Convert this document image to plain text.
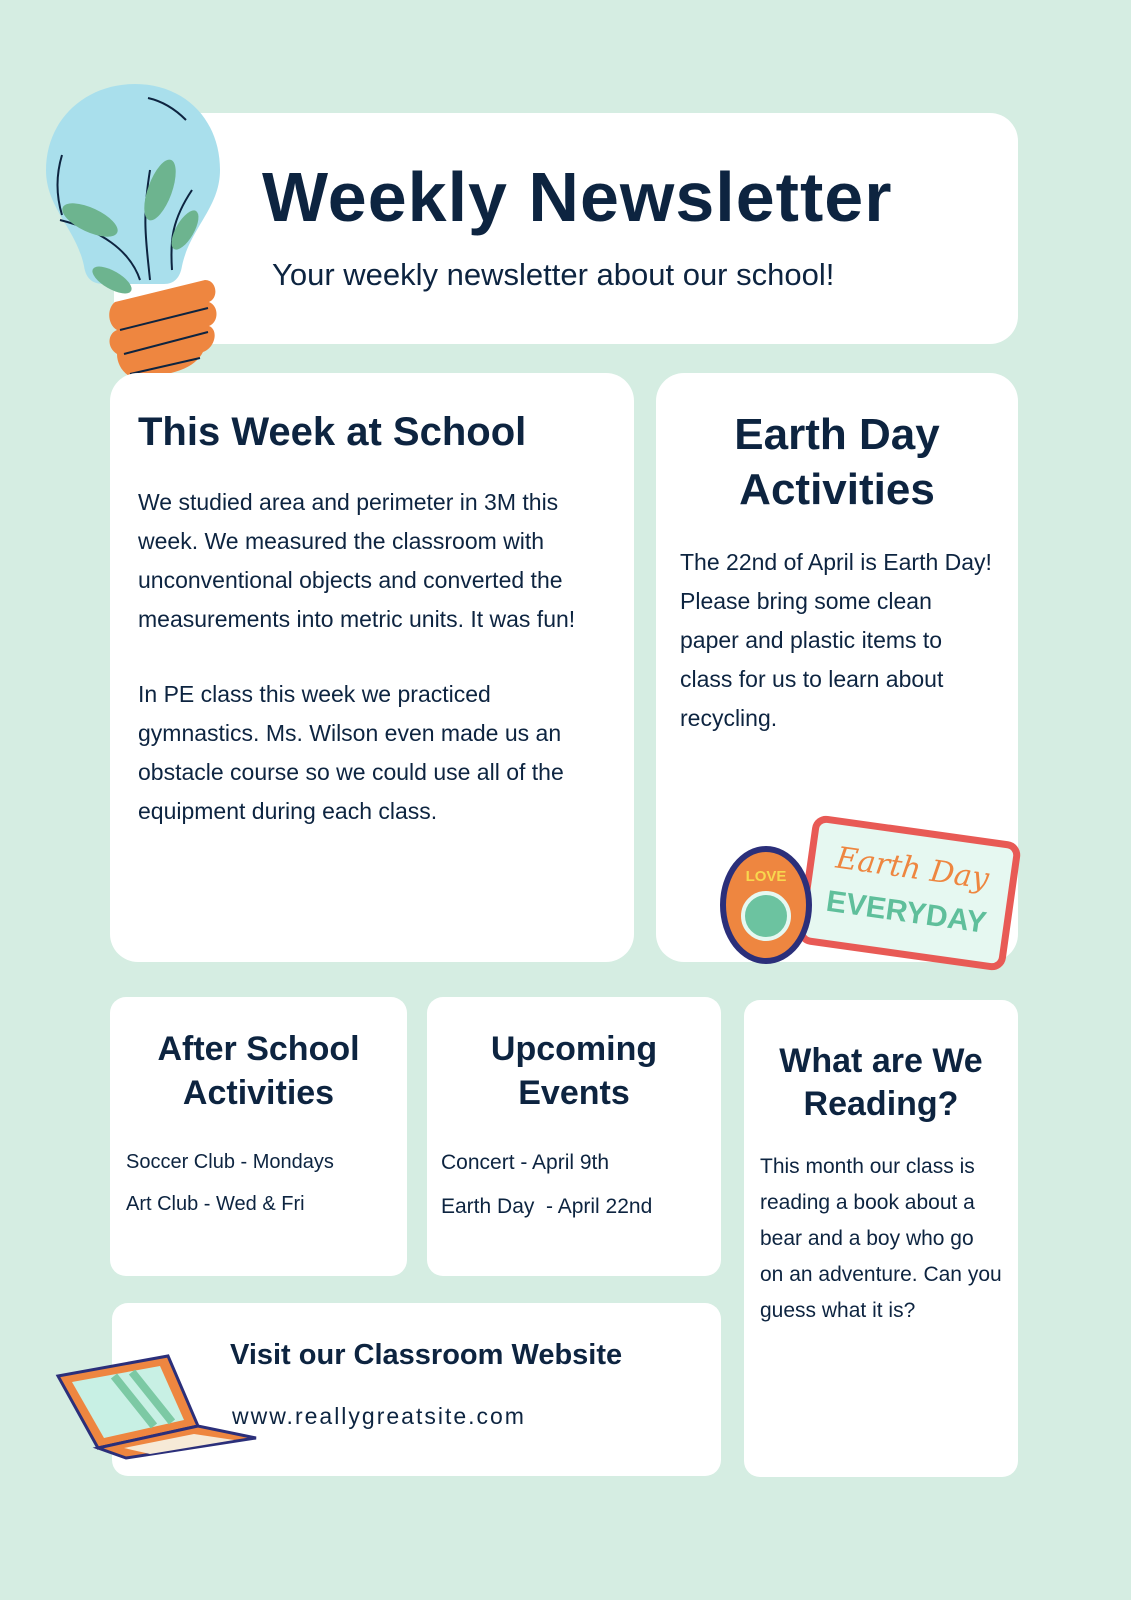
Weekly Newsletter
Your weekly newsletter about our school!
This Week at School

We studied area and perimeter in 3M this week. We measured the classroom with unconventional objects and converted the measurements into metric units. It was fun!

In PE class this week we practiced gymnastics. Ms. Wilson even made us an obstacle course so we could use all of the equipment during each class.

Earth Day Activities

The 22nd of April is Earth Day! Please bring some clean paper and plastic items to class for us to learn about recycling.

Earth Day
EVERYDAY
LOVE
After School Activities

Soccer Club - Mondays

Art Club - Wed & Fri

Upcoming Events

Concert - April 9th

Earth Day  - April 22nd

What are We Reading?

This month our class is reading a book about a bear and a boy who go on an adventure. Can you guess what it is?

Visit our Classroom Website
www.reallygreatsite.com
